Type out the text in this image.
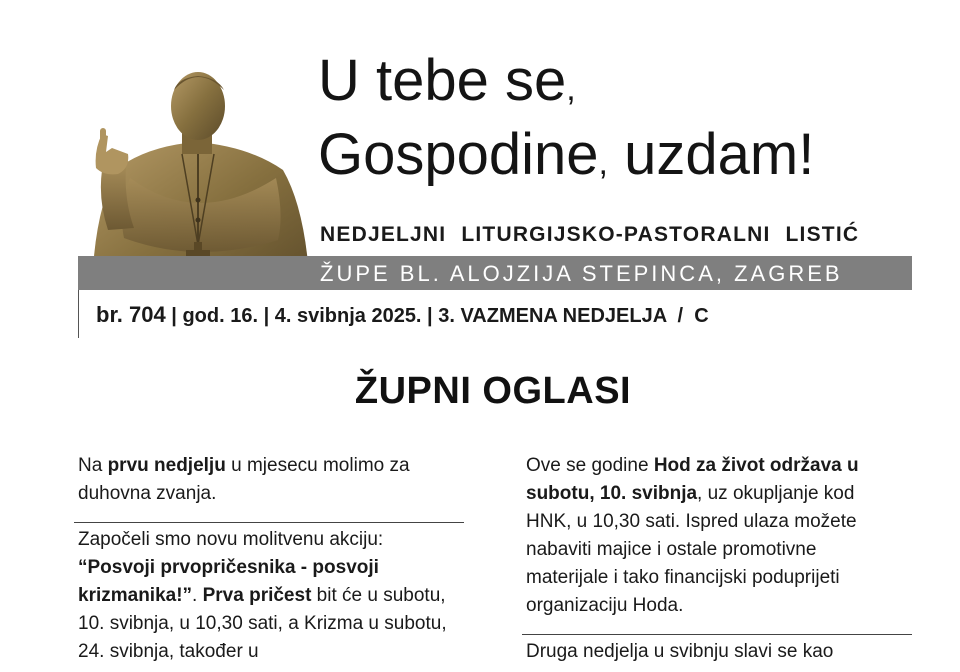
U tebe se,
Gospodine, uzdam!
NEDJELJNI LITURGIJSKO-PASTORALNI LISTIĆ
ŽUPE BL. ALOJZIJA STEPINCA, ZAGREB
br. 704 | god. 16. | 4. svibnja 2025. | 3. VAZMENA NEDJELJA  /  C
ŽUPNI OGLASI

Na prvu nedjelju u mjesecu molimo za duhovna zvanja.

Započeli smo novu molitvenu akciju: “Posvoji prvopričesnika - posvoji krizmanika!”. Prva pričest bit će u subotu, 10. svibnja, u 10,30 sati, a Krizma u subotu, 24. svibnja, također u

Ove se godine Hod za život održava u subotu, 10. svibnja, uz okupljanje kod HNK, u 10,30 sati. Ispred ulaza možete nabaviti majice i ostale promotivne materijale i tako financijski poduprijeti organizaciju Hoda.

Druga nedjelja u svibnju slavi se kao
